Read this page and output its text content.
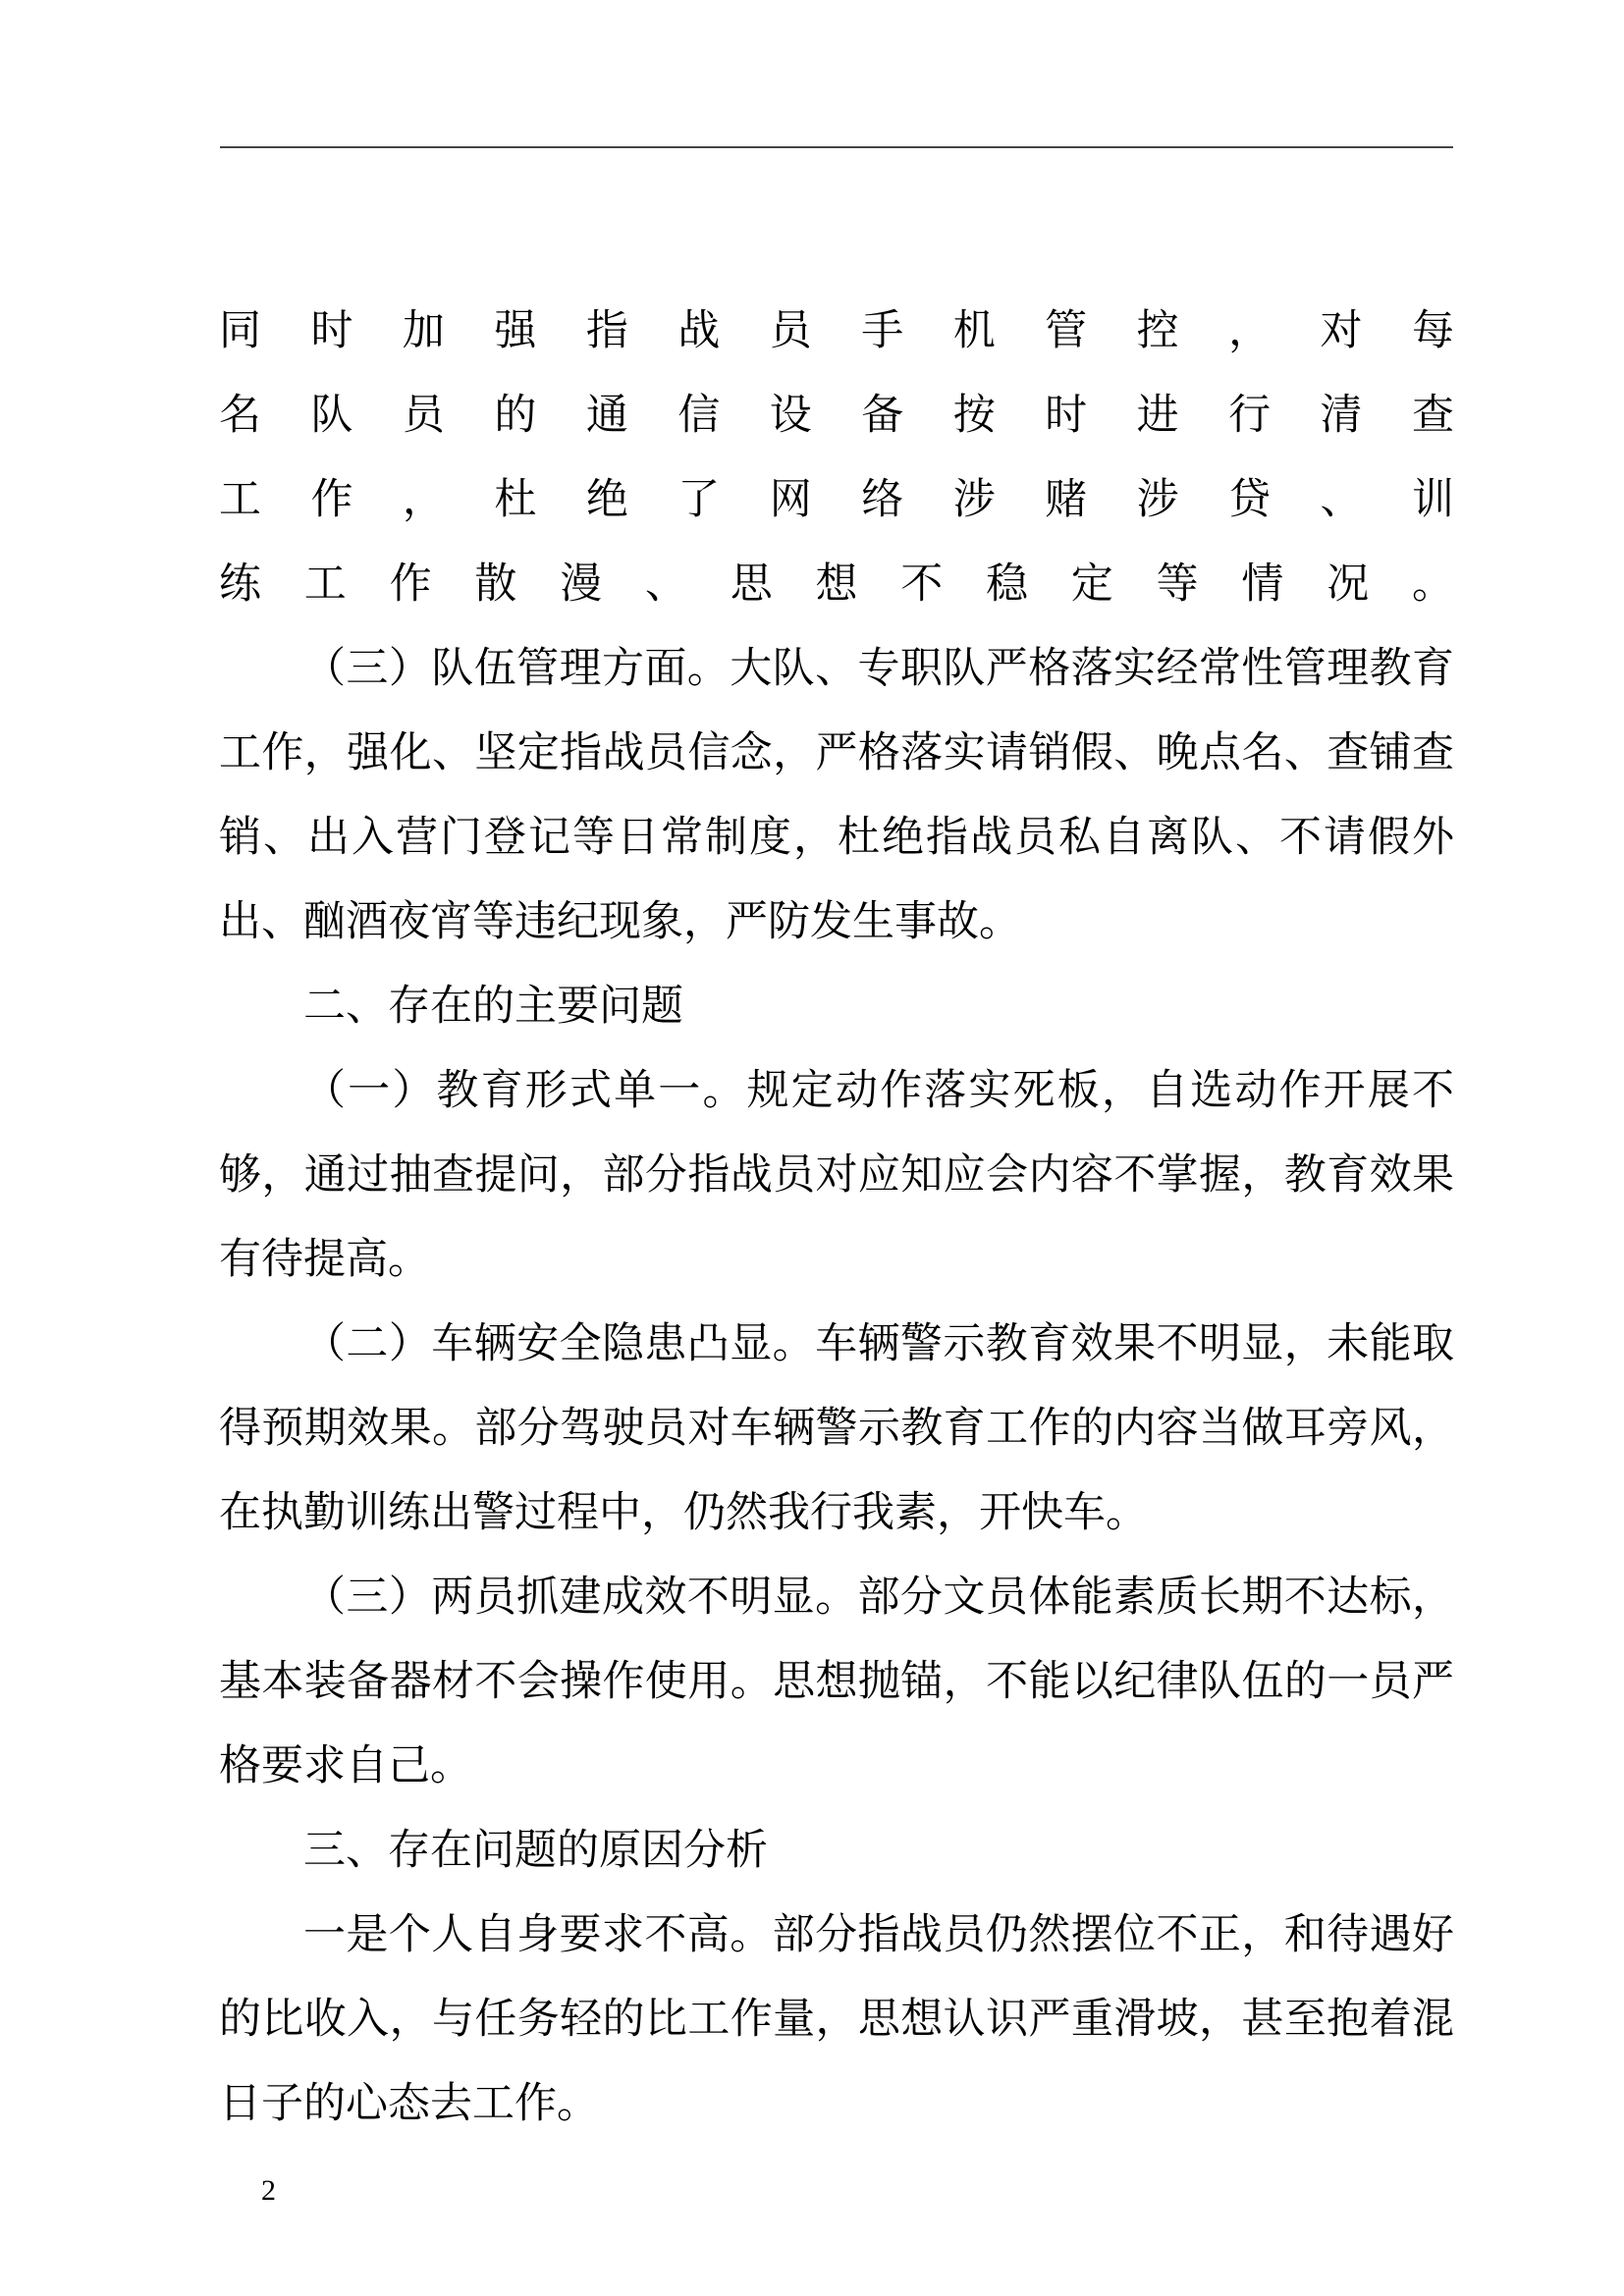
同时加强指战员手机管控，对每
名队员的通信设备按时进行清查
工作，杜绝了网络涉赌涉贷、训
练工作散漫、思想不稳定等情况。

（三）队伍管理方面。大队、专职队严格落实经常性管理教育工作，强化、坚定指战员信念，严格落实请销假、晚点名、查铺查销、出入营门登记等日常制度，杜绝指战员私自离队、不请假外出、酗酒夜宵等违纪现象，严防发生事故。

二、存在的主要问题

（一）教育形式单一。规定动作落实死板，自选动作开展不够，通过抽查提问，部分指战员对应知应会内容不掌握，教育效果有待提高。

（二）车辆安全隐患凸显。车辆警示教育效果不明显，未能取得预期效果。部分驾驶员对车辆警示教育工作的内容当做耳旁风，在执勤训练出警过程中，仍然我行我素，开快车。

（三）两员抓建成效不明显。部分文员体能素质长期不达标，基本装备器材不会操作使用。思想抛锚，不能以纪律队伍的一员严格要求自己。

三、存在问题的原因分析

一是个人自身要求不高。部分指战员仍然摆位不正，和待遇好的比收入，与任务轻的比工作量，思想认识严重滑坡，甚至抱着混日子的心态去工作。

2
